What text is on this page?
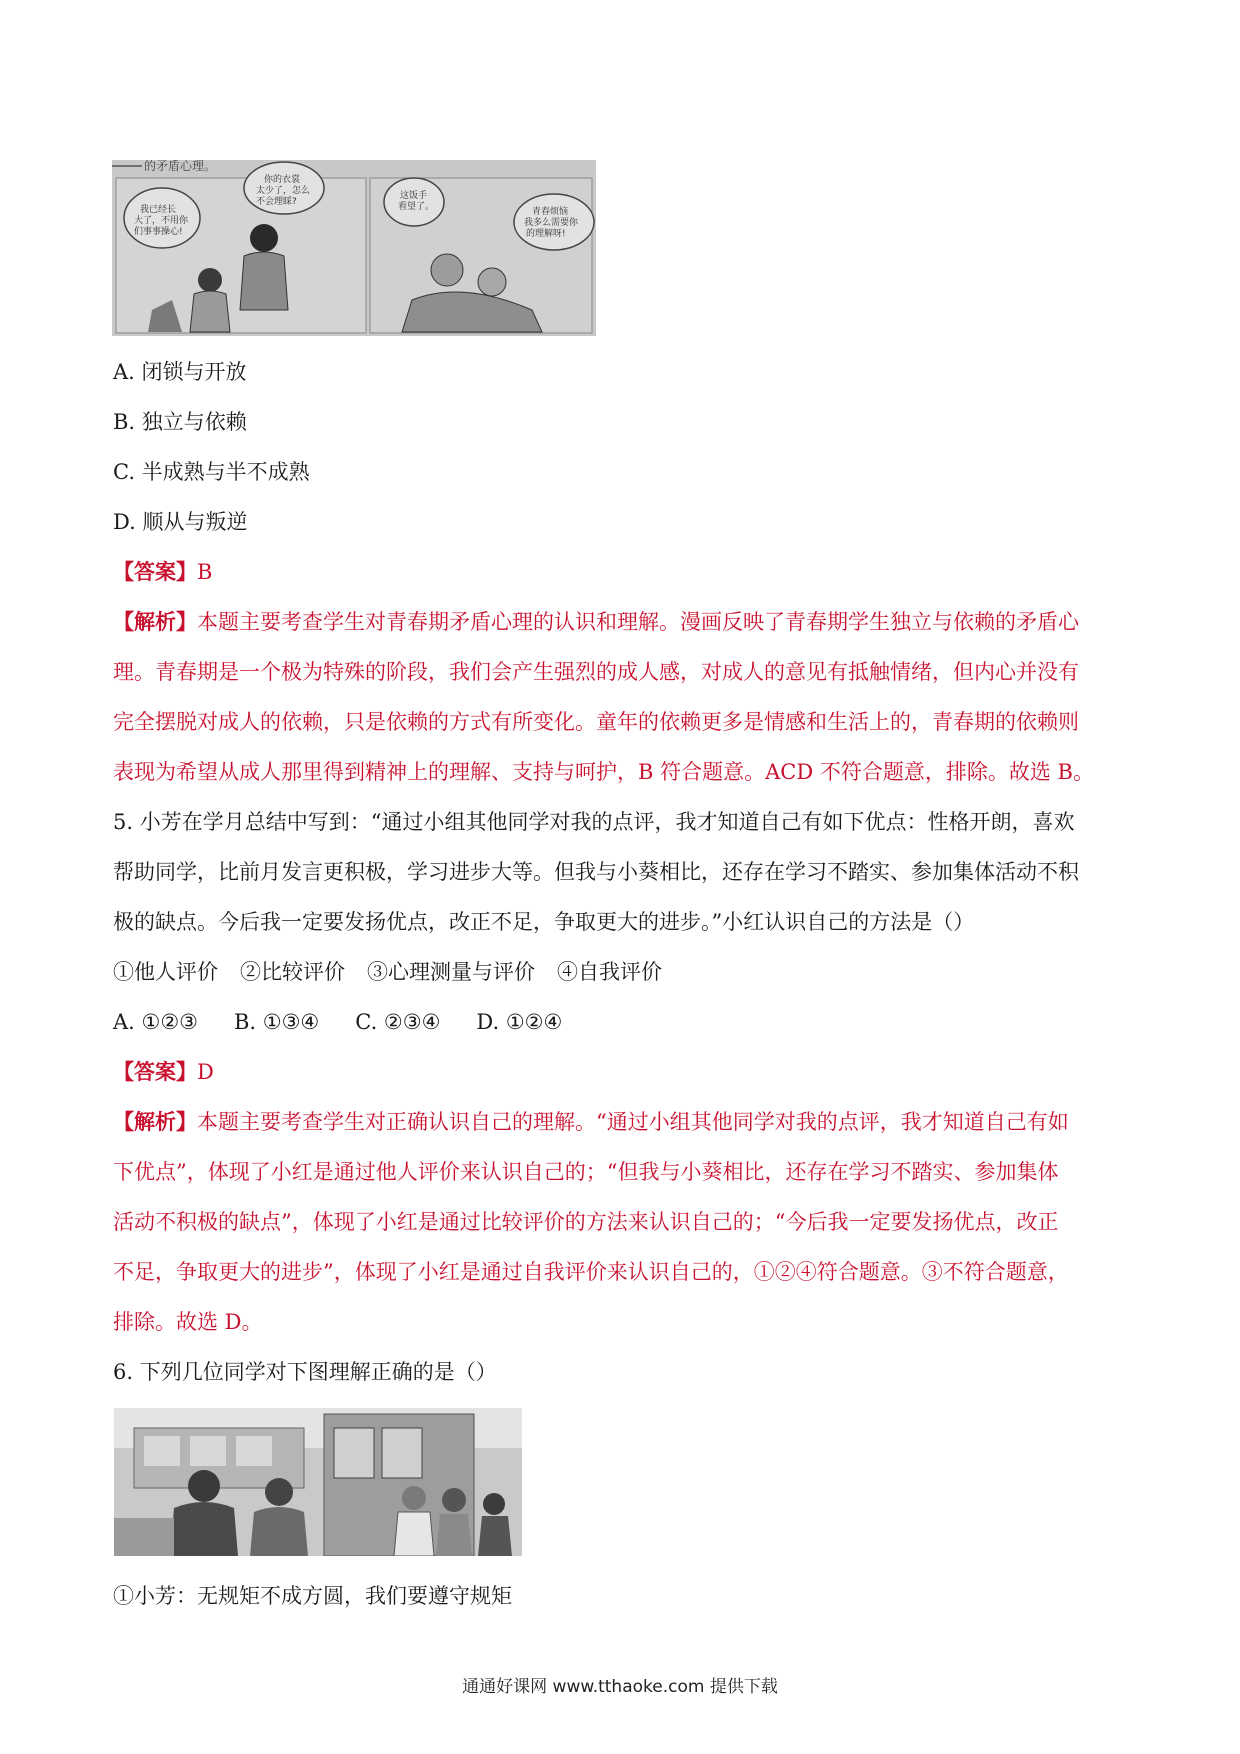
的矛盾心理。
我已经长大了，不用你们事事操心!
你的衣裳太少了，怎么不会理睬?
这饭手看望了。	青春烦恼我多么需要你的理解呀!
A. 闭锁与开放
B. 独立与依赖
C. 半成熟与半不成熟
D. 顺从与叛逆
【答案】B
【解析】本题主要考查学生对青春期矛盾心理的认识和理解。漫画反映了青春期学生独立与依赖的矛盾心
理。青春期是一个极为特殊的阶段，我们会产生强烈的成人感，对成人的意见有抵触情绪，但内心并没有
完全摆脱对成人的依赖，只是依赖的方式有所变化。童年的依赖更多是情感和生活上的，青春期的依赖则
表现为希望从成人那里得到精神上的理解、支持与呵护，B 符合题意。ACD 不符合题意，排除。故选 B。
5. 小芳在学月总结中写到：“通过小组其他同学对我的点评，我才知道自己有如下优点：性格开朗，喜欢
帮助同学，比前月发言更积极，学习进步大等。但我与小葵相比，还存在学习不踏实、参加集体活动不积
极的缺点。今后我一定要发扬优点，改正不足，争取更大的进步。”小红认识自己的方法是（）
①他人评价 ②比较评价 ③心理测量与评价 ④自我评价
A. ①②③ B. ①③④ C. ②③④ D. ①②④
【答案】D
【解析】本题主要考查学生对正确认识自己的理解。“通过小组其他同学对我的点评，我才知道自己有如
下优点”，体现了小红是通过他人评价来认识自己的；“但我与小葵相比，还存在学习不踏实、参加集体
活动不积极的缺点”，体现了小红是通过比较评价的方法来认识自己的；“今后我一定要发扬优点，改正
不足，争取更大的进步”，体现了小红是通过自我评价来认识自己的，①②④符合题意。③不符合题意，
排除。故选 D。
6. 下列几位同学对下图理解正确的是（）
①小芳：无规矩不成方圆，我们要遵守规矩
通通好课网 www.tthaoke.com 提供下载
